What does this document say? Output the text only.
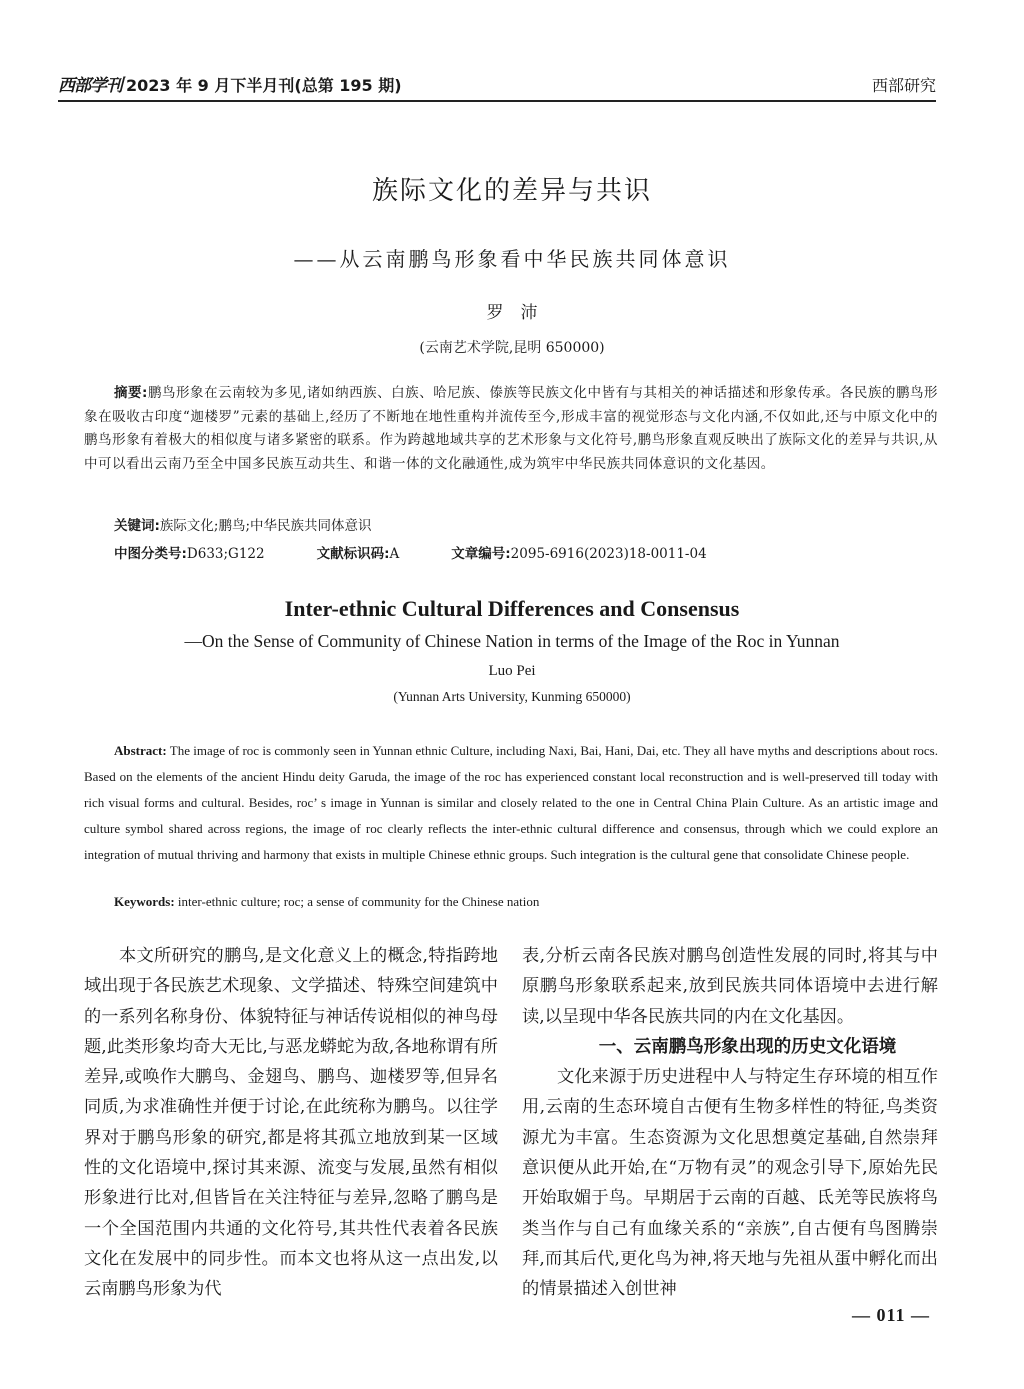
西部学刊 2023 年 9 月下半月刊(总第 195 期)	西部研究
族际文化的差异与共识
——从云南鹏鸟形象看中华民族共同体意识
罗　沛
(云南艺术学院,昆明 650000)

摘要:鹏鸟形象在云南较为多见,诸如纳西族、白族、哈尼族、傣族等民族文化中皆有与其相关的神话描述和形象传承。各民族的鹏鸟形象在吸收古印度“迦楼罗”元素的基础上,经历了不断地在地性重构并流传至今,形成丰富的视觉形态与文化内涵,不仅如此,还与中原文化中的鹏鸟形象有着极大的相似度与诸多紧密的联系。作为跨越地域共享的艺术形象与文化符号,鹏鸟形象直观反映出了族际文化的差异与共识,从中可以看出云南乃至全中国多民族互动共生、和谐一体的文化融通性,成为筑牢中华民族共同体意识的文化基因。

关键词:族际文化;鹏鸟;中华民族共同体意识
中图分类号:D633;G122	文献标识码:A	文章编号:2095-6916(2023)18-0011-04
Inter-ethnic Cultural Differences and Consensus
—On the Sense of Community of Chinese Nation in terms of the Image of the Roc in Yunnan
Luo Pei
(Yunnan Arts University, Kunming 650000)

Abstract: The image of roc is commonly seen in Yunnan ethnic Culture, including Naxi, Bai, Hani, Dai, etc. They all have myths and descriptions about rocs. Based on the elements of the ancient Hindu deity Garuda, the image of the roc has experienced constant local reconstruction and is well-preserved till today with rich visual forms and cultural. Besides, roc’ s image in Yunnan is similar and closely related to the one in Central China Plain Culture. As an artistic image and culture symbol shared across regions, the image of roc clearly reflects the inter-ethnic cultural difference and consensus, through which we could explore an integration of mutual thriving and harmony that exists in multiple Chinese ethnic groups. Such integration is the cultural gene that consolidate Chinese people.

Keywords: inter-ethnic culture; roc; a sense of community for the Chinese nation

本文所研究的鹏鸟,是文化意义上的概念,特指跨地域出现于各民族艺术现象、文学描述、特殊空间建筑中的一系列名称身份、体貌特征与神话传说相似的神鸟母题,此类形象均奇大无比,与恶龙蟒蛇为敌,各地称谓有所差异,或唤作大鹏鸟、金翅鸟、鹏鸟、迦楼罗等,但异名同质,为求准确性并便于讨论,在此统称为鹏鸟。以往学界对于鹏鸟形象的研究,都是将其孤立地放到某一区域性的文化语境中,探讨其来源、流变与发展,虽然有相似形象进行比对,但皆旨在关注特征与差异,忽略了鹏鸟是一个全国范围内共通的文化符号,其共性代表着各民族文化在发展中的同步性。而本文也将从这一点出发,以云南鹏鸟形象为代

表,分析云南各民族对鹏鸟创造性发展的同时,将其与中原鹏鸟形象联系起来,放到民族共同体语境中去进行解读,以呈现中华各民族共同的内在文化基因。

一、云南鹏鸟形象出现的历史文化语境

文化来源于历史进程中人与特定生存环境的相互作用,云南的生态环境自古便有生物多样性的特征,鸟类资源尤为丰富。生态资源为文化思想奠定基础,自然崇拜意识便从此开始,在“万物有灵”的观念引导下,原始先民开始取媚于鸟。早期居于云南的百越、氐羌等民族将鸟类当作与自己有血缘关系的“亲族”,自古便有鸟图腾崇拜,而其后代,更化鸟为神,将天地与先祖从蛋中孵化而出的情景描述入创世神

— 011 —
